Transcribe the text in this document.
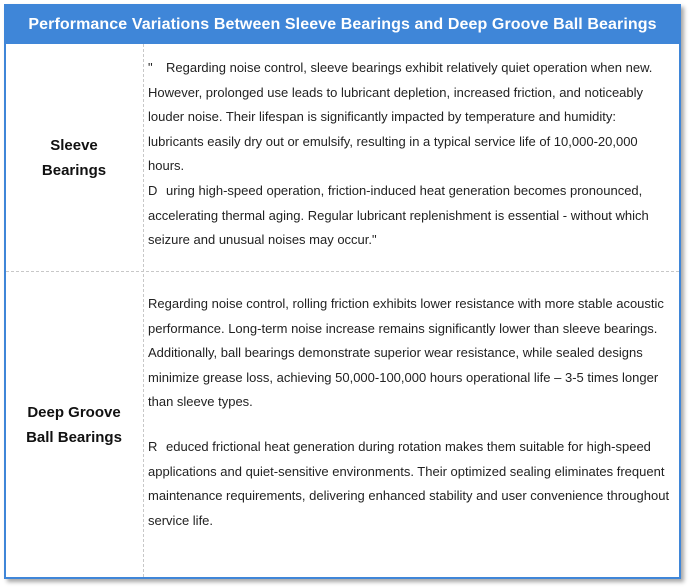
Performance Variations Between Sleeve Bearings and Deep Groove Ball Bearings
Sleeve
Bearings

" Regarding noise control, sleeve bearings exhibit relatively quiet operation when new. However, prolonged use leads to lubricant depletion, increased friction, and noticeably louder noise. Their lifespan is significantly impacted by temperature and humidity: lubricants easily dry out or emulsify, resulting in a typical service life of 10,000-20,000 hours.

D uring high-speed operation, friction-induced heat generation becomes pronounced, accelerating thermal aging. Regular lubricant replenishment is essential - without which seizure and unusual noises may occur."

Deep Groove
Ball Bearings

Regarding noise control, rolling friction exhibits lower resistance with more stable acoustic performance. Long-term noise increase remains significantly lower than sleeve bearings. Additionally, ball bearings demonstrate superior wear resistance, while sealed designs minimize grease loss, achieving 50,000-100,000 hours operational life – 3-5 times longer than sleeve types.

R educed frictional heat generation during rotation makes them suitable for high-speed applications and quiet-sensitive environments. Their optimized sealing eliminates frequent maintenance requirements, delivering enhanced stability and user convenience throughout service life.
